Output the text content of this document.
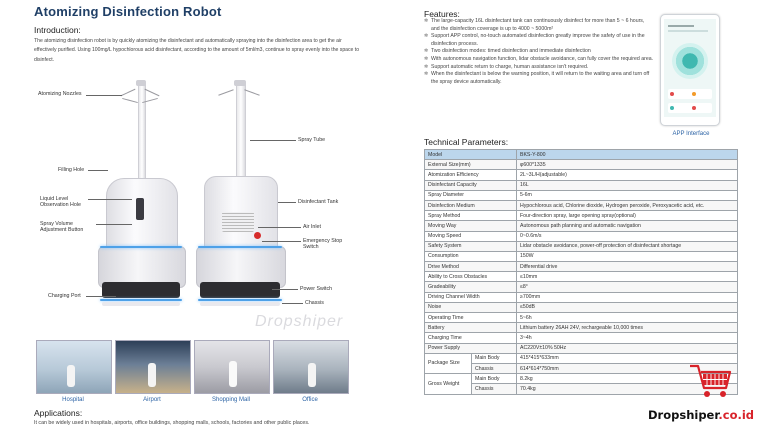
Atomizing Disinfection Robot
Introduction:
The atomizing disinfection robot is by quickly atomizing the disinfectant and automatically spraying into the disinfection area to get the air effectively purified. Using 100mg/L hypochlorous acid disinfectant, according to the amount of 5ml/m3, continue to spray evenly into the space to disinfect.
Atomizing Nozzles
Filling Hole
Liquid Level
Observation Hole
Spray Volume
Adjustment Button
Charging Port
Spray Tube
Disinfectant Tank
Air Inlet
Emergency Stop
Switch
Power Switch
Chassis
Dropshiper
Hospital	Airport	Shopping Mall	Office
Applications:
It can be widely used in hospitals, airports, office buildings, shopping malls, schools, factories and other public places.
Features:
✲ The large-capacity 16L disinfectant tank can continuously disinfect for more than 5 ~ 6 hours, and the disinfection coverage is up to 4000 ~ 5000m²
✲ Support APP control, no-touch automated disinfection greatly improve the safety of use in the disinfection process.
✲ Two disinfection modes: timed disinfection and immediate disinfection
✲ With autonomous navigation function, lidar obstacle avoidance, can fully cover the required area.
✲ Support automatic return to charge, human assistance isn't required.
✲ When the disinfectant is below the warning position, it will return to the waiting area and turn off the spray device automatically.
APP Interface
Technical Parameters:
Model		BKS-Y-800
External Size(mm)		φ600*1335
Atomization Efficiency		2L~3L/H(adjustable)
Disinfectant Capacity		16L
Spray Diameter		5-6m
Disinfection Medium		Hypochlorous acid, Chlorine dioxide, Hydrogen peroxide, Peroxyacetic acid, etc.
Spray Method		Four-direction spray, large opening spray(optional)
Moving Way		Autonomous path planning and automatic navigation
Moving Speed		0~0.6m/s
Safety System		Lidar obstacle avoidance, power-off protection of disinfectant shortage
Consumption		150W
Drive Method		Differential drive
Ability to Cross Obstacles		≤10mm
Gradeability		≤8°
Driving Channel Width		≥700mm
Noise		≤50dB
Operating Time		5~6h
Battery		Lithium battery 26AH 24V, rechargeable 10,000 times
Charging Time		3~4h
Power Supply		AC220V±10% 50Hz
Package Size	Main Body	415*415*633mm
	Chassis	614*614*750mm
Gross Weight	Main Body	8.2kg
	Chassis	70.4kg
Dropshiper.co.id
